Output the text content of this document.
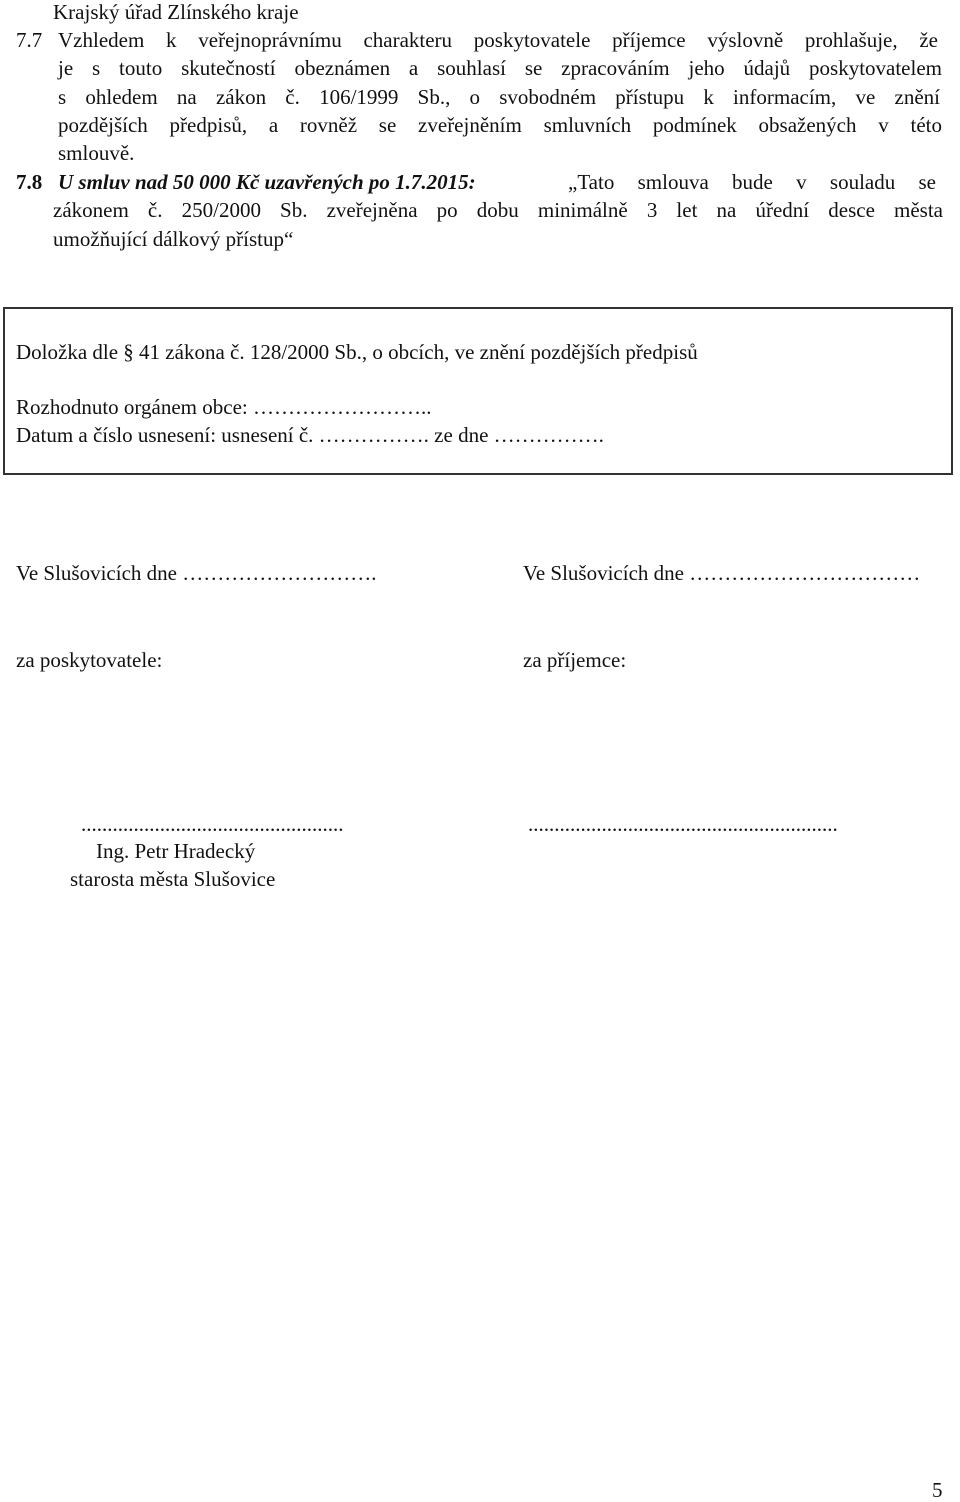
Krajský úřad Zlínského kraje
7.7 Vzhledem k veřejnoprávnímu charakteru poskytovatele příjemce výslovně prohlašuje, že
je s touto skutečností obeznámen a souhlasí se zpracováním jeho údajů poskytovatelem
s ohledem na zákon č. 106/1999 Sb., o svobodném přístupu k informacím, ve znění
pozdějších předpisů, a rovněž se zveřejněním smluvních podmínek obsažených v této
smlouvě.
7.8 U smluv nad 50 000 Kč uzavřených po 1.7.2015:	„Tato smlouva bude v souladu se
zákonem č. 250/2000 Sb. zveřejněna po dobu minimálně 3 let na úřední desce města
umožňující dálkový přístup“
Doložka dle § 41 zákona č. 128/2000 Sb., o obcích, ve znění pozdějších předpisů
Rozhodnuto orgánem obce: ……………………..
Datum a číslo usnesení: usnesení č. ……………. ze dne …………….
Ve Slušovicích dne ……………………….	Ve Slušovicích dne ……………………………
za poskytovatele:	za příjemce:
..................................................	...........................................................
Ing. Petr Hradecký
starosta města Slušovice
5
